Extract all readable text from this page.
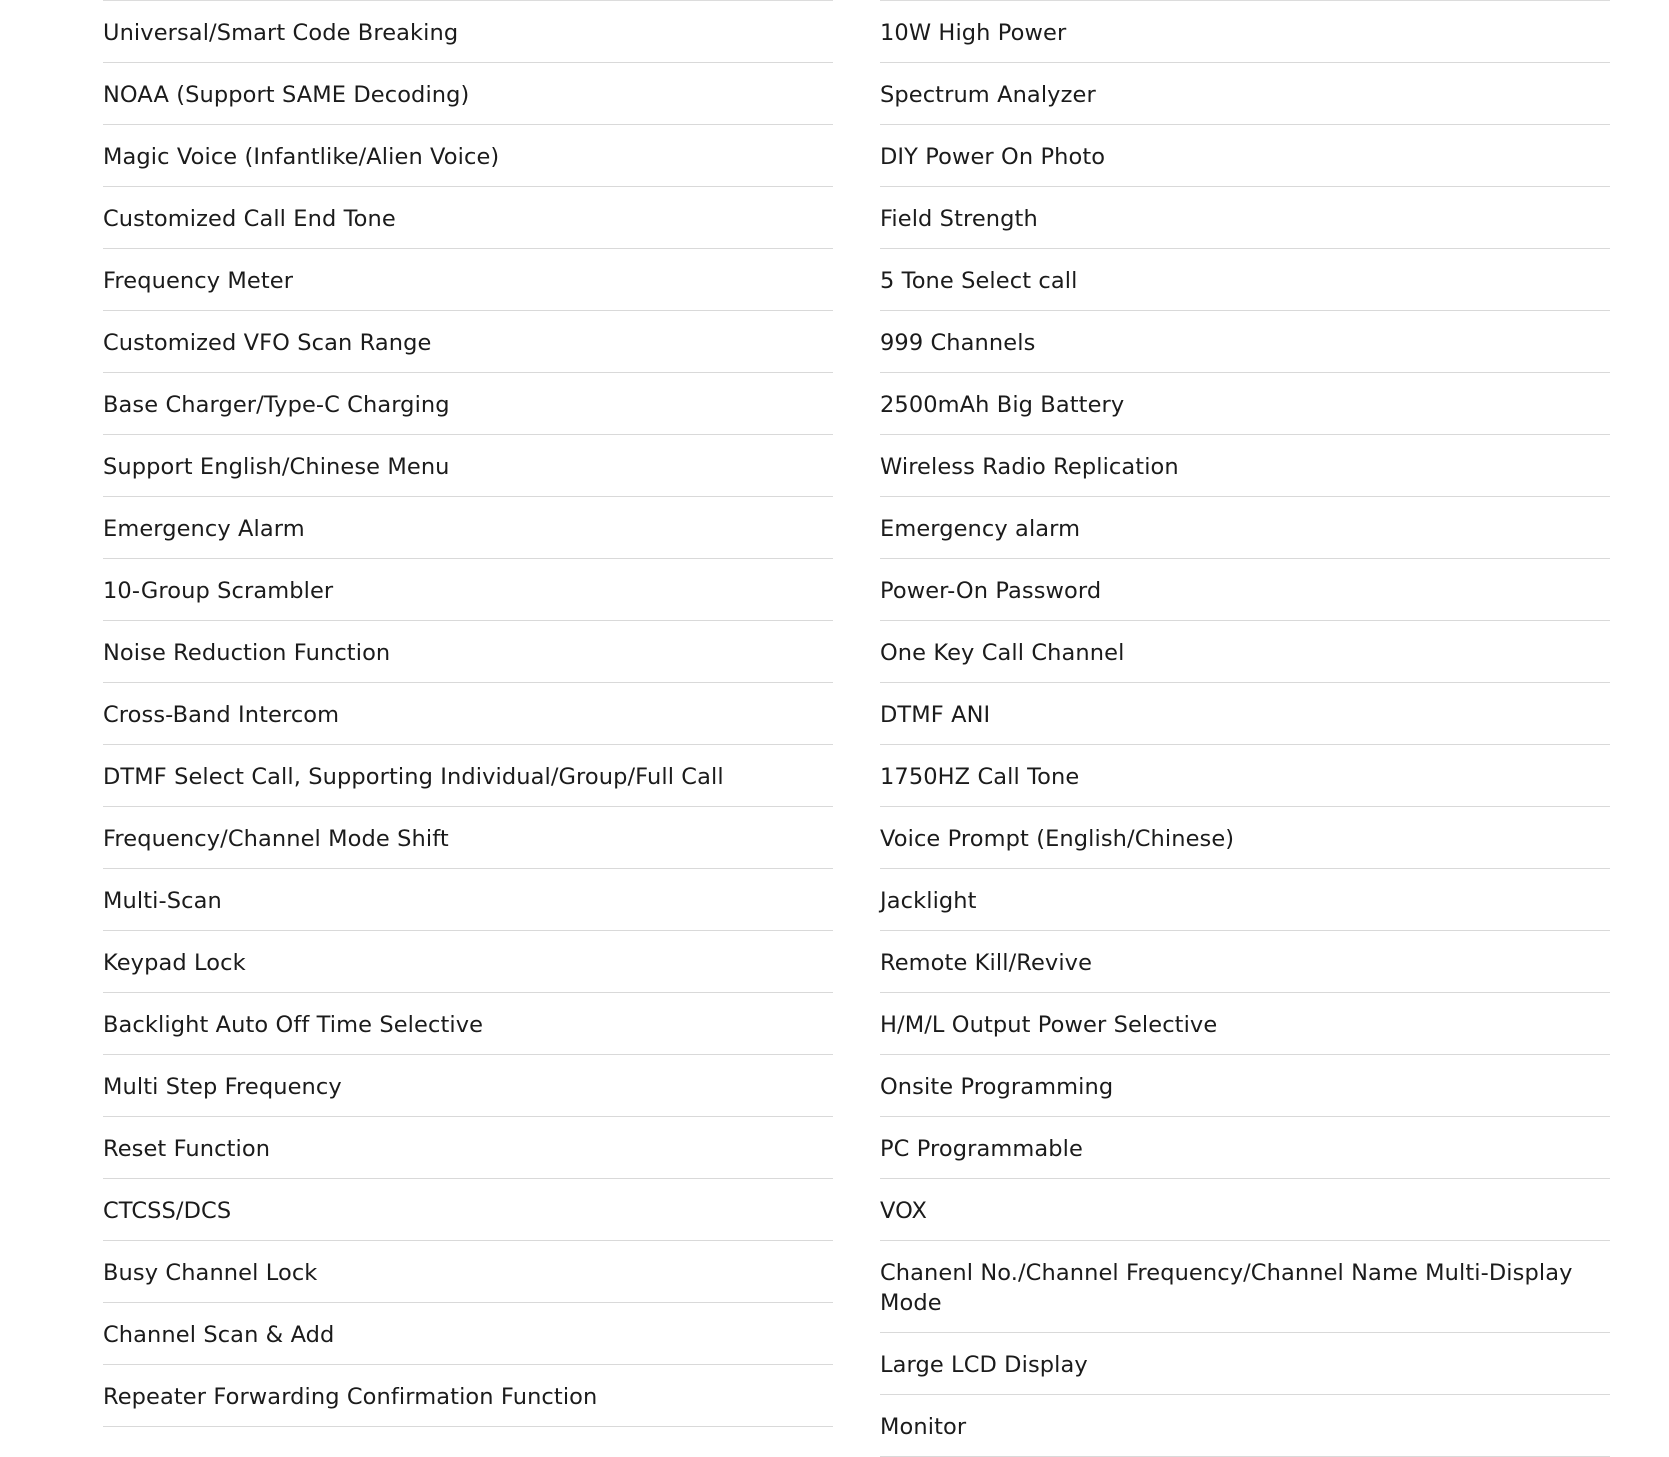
Universal/Smart Code Breaking
NOAA (Support SAME Decoding)
Magic Voice (Infantlike/Alien Voice)
Customized Call End Tone
Frequency Meter
Customized VFO Scan Range
Base Charger/Type-C Charging
Support English/Chinese Menu
Emergency Alarm
10-Group Scrambler
Noise Reduction Function
Cross-Band Intercom
DTMF Select Call, Supporting Individual/Group/Full Call
Frequency/Channel Mode Shift
Multi-Scan
Keypad Lock
Backlight Auto Off Time Selective
Multi Step Frequency
Reset Function
CTCSS/DCS
Busy Channel Lock
Channel Scan & Add
Repeater Forwarding Confirmation Function
10W High Power
Spectrum Analyzer
DIY Power On Photo
Field Strength
5 Tone Select call
999 Channels
2500mAh Big Battery
Wireless Radio Replication
Emergency alarm
Power-On Password
One Key Call Channel
DTMF ANI
1750HZ Call Tone
Voice Prompt (English/Chinese)
Jacklight
Remote Kill/Revive
H/M/L Output Power Selective
Onsite Programming
PC Programmable
VOX
Chanenl No./Channel Frequency/Channel Name Multi-Display Mode
Large LCD Display
Monitor
